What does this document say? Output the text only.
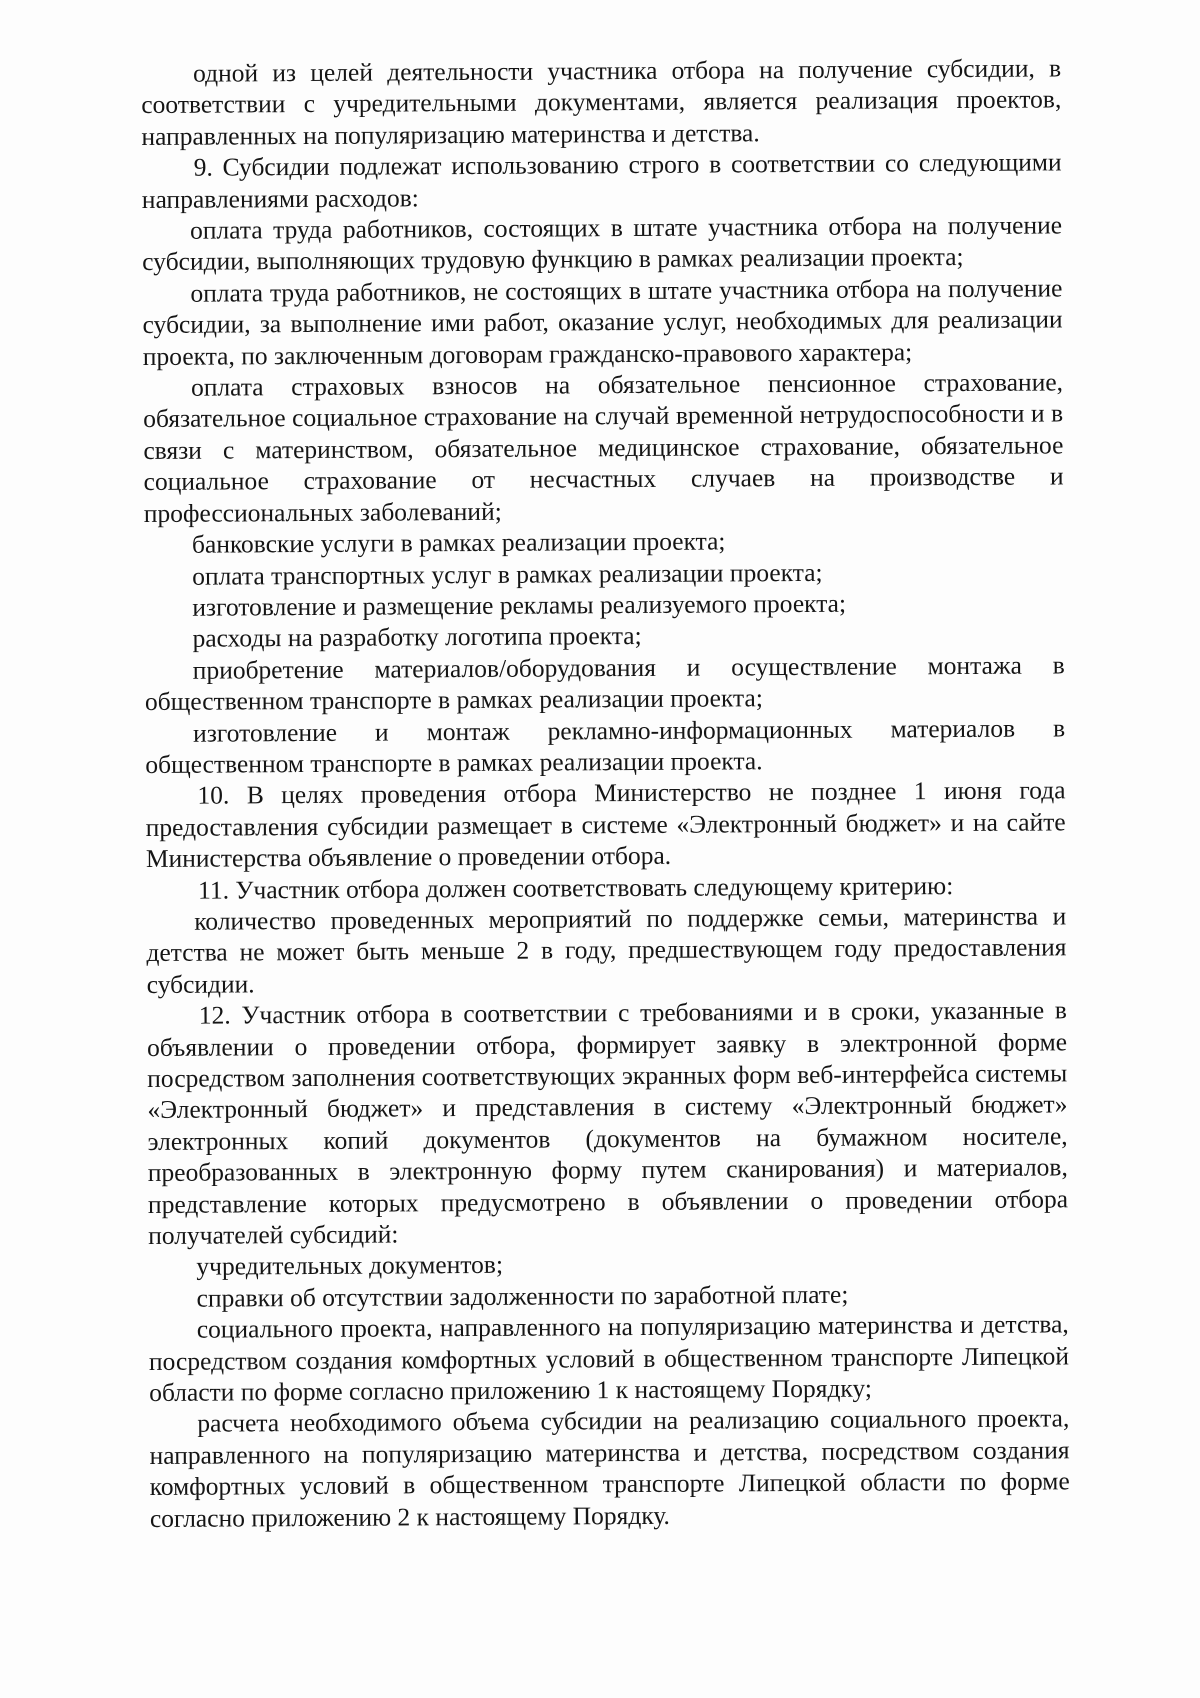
одной из целей деятельности участника отбора на получение субсидии, в соответствии с учредительными документами, является реализация проектов, направленных на популяризацию материнства и детства.

9. Субсидии подлежат использованию строго в соответствии со следующими направлениями расходов:

оплата труда работников, состоящих в штате участника отбора на получение субсидии, выполняющих трудовую функцию в рамках реализации проекта;

оплата труда работников, не состоящих в штате участника отбора на получение субсидии, за выполнение ими работ, оказание услуг, необходимых для реализации проекта, по заключенным договорам гражданско-правового характера;

оплата страховых взносов на обязательное пенсионное страхование, обязательное социальное страхование на случай временной нетрудоспособности и в связи с материнством, обязательное медицинское страхование, обязательное социальное страхование от несчастных случаев на производстве и профессиональных заболеваний;

банковские услуги в рамках реализации проекта;

оплата транспортных услуг в рамках реализации проекта;

изготовление и размещение рекламы реализуемого проекта;

расходы на разработку логотипа проекта;

приобретение материалов/оборудования и осуществление монтажа в общественном транспорте в рамках реализации проекта;

изготовление и монтаж рекламно-информационных материалов в общественном транспорте в рамках реализации проекта.

10. В целях проведения отбора Министерство не позднее 1 июня года предоставления субсидии размещает в системе «Электронный бюджет» и на сайте Министерства объявление о проведении отбора.

11. Участник отбора должен соответствовать следующему критерию:

количество проведенных мероприятий по поддержке семьи, материнства и детства не может быть меньше 2 в году, предшествующем году предоставления субсидии.

12. Участник отбора в соответствии с требованиями и в сроки, указанные в объявлении о проведении отбора, формирует заявку в электронной форме посредством заполнения соответствующих экранных форм веб-интерфейса системы «Электронный бюджет» и представления в систему «Электронный бюджет» электронных копий документов (документов на бумажном носителе, преобразованных в электронную форму путем сканирования) и материалов, представление которых предусмотрено в объявлении о проведении отбора получателей субсидий:

учредительных документов;

справки об отсутствии задолженности по заработной плате;

социального проекта, направленного на популяризацию материнства и детства, посредством создания комфортных условий в общественном транспорте Липецкой области по форме согласно приложению 1 к настоящему Порядку;

расчета необходимого объема субсидии на реализацию социального проекта, направленного на популяризацию материнства и детства, посредством создания комфортных условий в общественном транспорте Липецкой области по форме согласно приложению 2 к настоящему Порядку.
